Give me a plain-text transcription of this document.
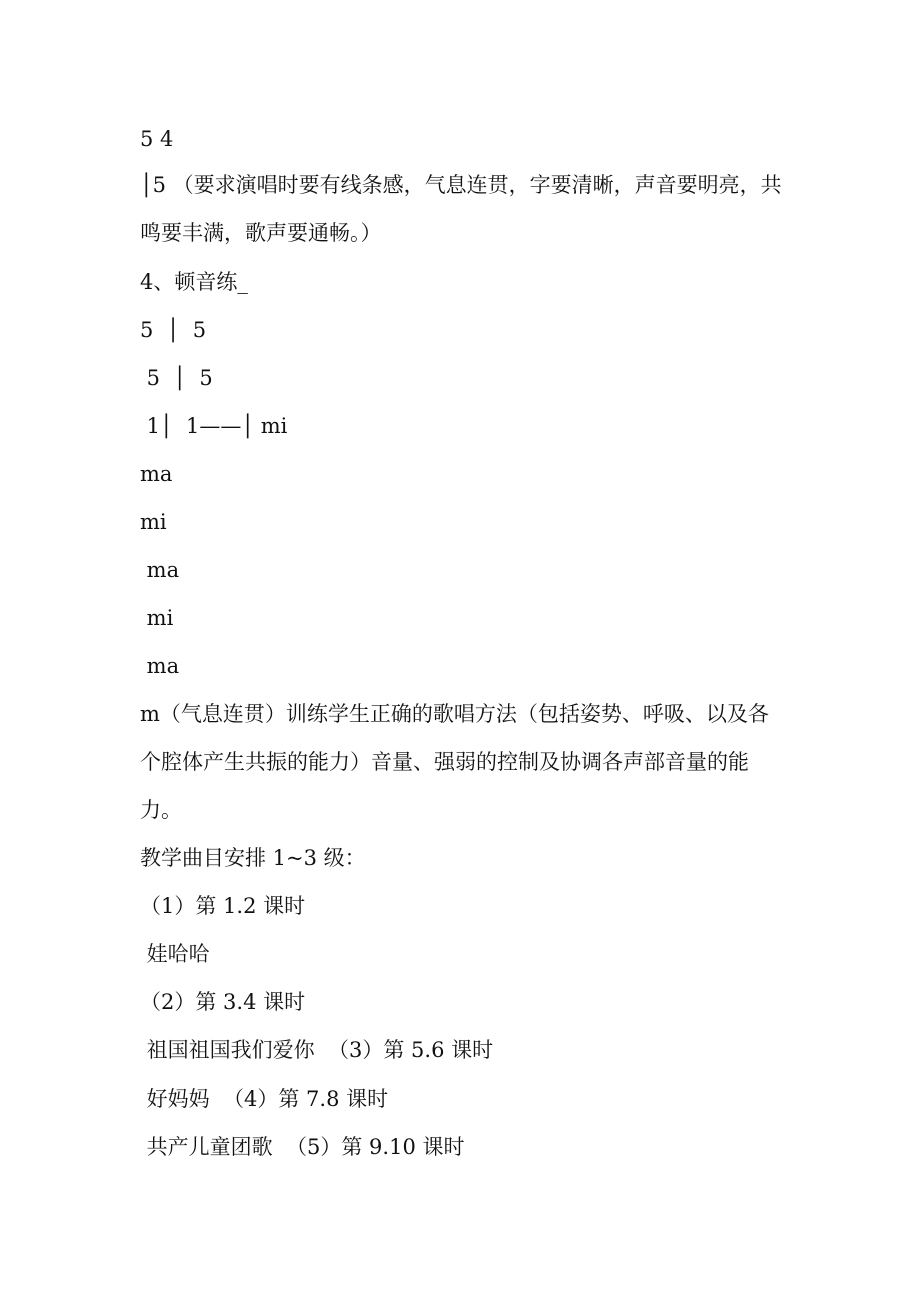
5 4
│5 （要求演唱时要有线条感，气息连贯，字要清晰，声音要明亮，共鸣要丰满，歌声要通畅。）
4、顿音练_
5  │  5
5  │  5
1│  1——│ mi
ma
mi
ma
mi
ma
m（气息连贯）训练学生正确的歌唱方法（包括姿势、呼吸、以及各个腔体产生共振的能力）音量、强弱的控制及协调各声部音量的能力。
教学曲目安排 1~3 级：
（1）第 1.2 课时
娃哈哈
（2）第 3.4 课时
祖国祖国我们爱你  （3）第 5.6 课时
好妈妈  （4）第 7.8 课时
共产儿童团歌  （5）第 9.10 课时
